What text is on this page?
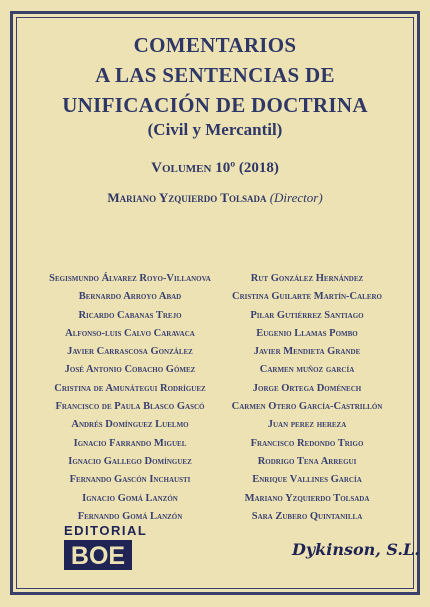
COMENTARIOS
A LAS SENTENCIAS DE
UNIFICACIÓN DE DOCTRINA
(Civil y Mercantil)
Volumen 10º (2018)
Mariano Yzquierdo Tolsada (Director)
Segismundo Álvarez Royo-Villanova
Bernardo Arroyo Abad
Ricardo Cabanas Trejo
Alfonso-luis Calvo Caravaca
Javier Carrascosa González
José Antonio Cobacho Gómez
Cristina de Amunátegui Rodríguez
Francisco de Paula Blasco Gascó
Andrés Domínguez Luelmo
Ignacio Farrando Miguel
Ignacio Gallego Domínguez
Fernando Gascón Inchausti
Ignacio Gomá Lanzón
Fernando Gomá Lanzón
Rut González Hernández
Cristina Guilarte Martín-Calero
Pilar Gutiérrez Santiago
Eugenio Llamas Pombo
Javier Mendieta Grande
Carmen muñoz garcía
Jorge Ortega Doménech
Carmen Otero García-Castrillón
Juan perez hereza
Francisco Redondo Trigo
Rodrigo Tena Arregui
Enrique Vallines García
Mariano Yzquierdo Tolsada
Sara Zubero Quintanilla
EDITORIAL
BOE	Dykinson, S.L.
